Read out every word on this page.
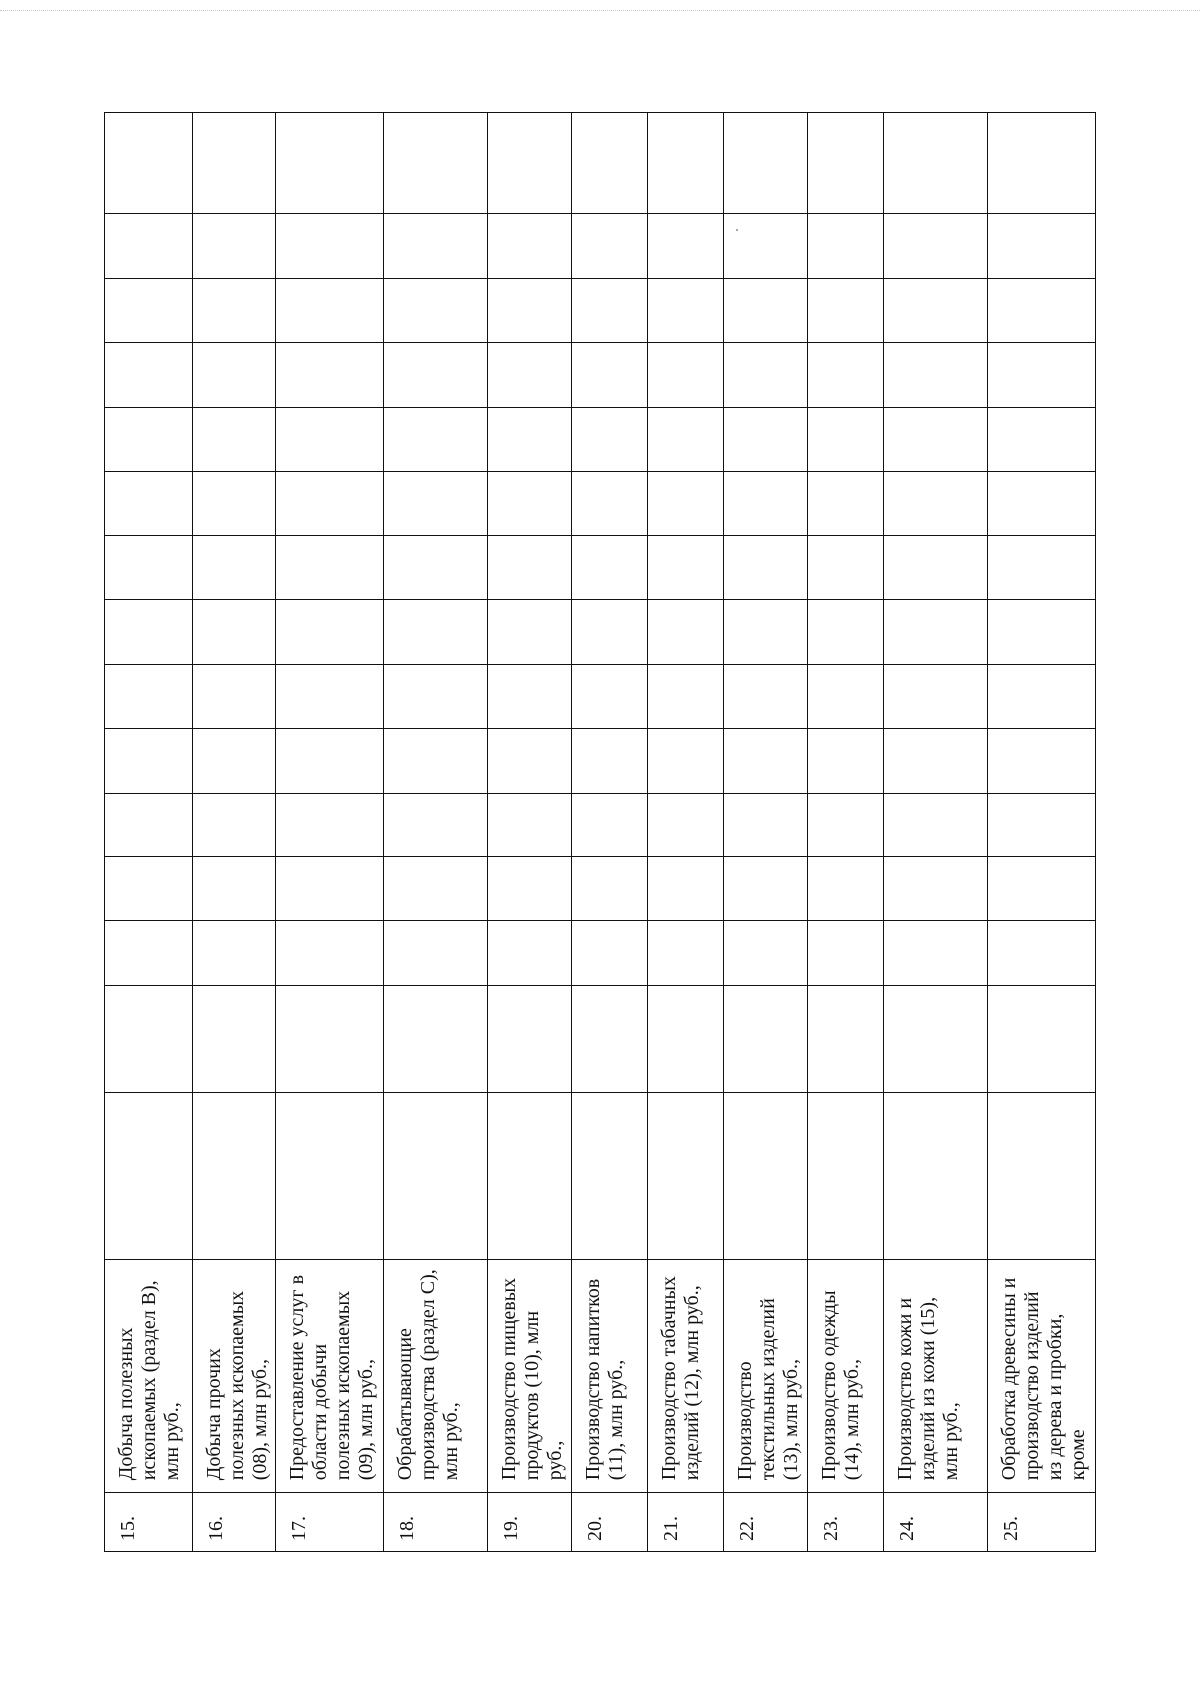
15.	Добыча полезных ископаемых (раздел B), млн руб.,															
16.	Добыча прочих полезных ископаемых (08), млн руб.,															
17.	Предоставление услуг в области добычи полезных ископаемых (09), млн руб.,															
18.	Обрабатывающие производства (раздел C), млн руб.,															
19.	Производство пищевых продуктов (10), млн руб.,															
20.	Производство напитков (11), млн руб.,															
21.	Производство табачных изделий (12), млн руб.,															
22.	Производство текстильных изделий (13), млн руб.,															
23.	Производство одежды (14), млн руб.,															
24.	Производство кожи и изделий из кожи (15), млн руб.,															
25.	Обработка древесины и производство изделий из дерева и пробки, кроме															
